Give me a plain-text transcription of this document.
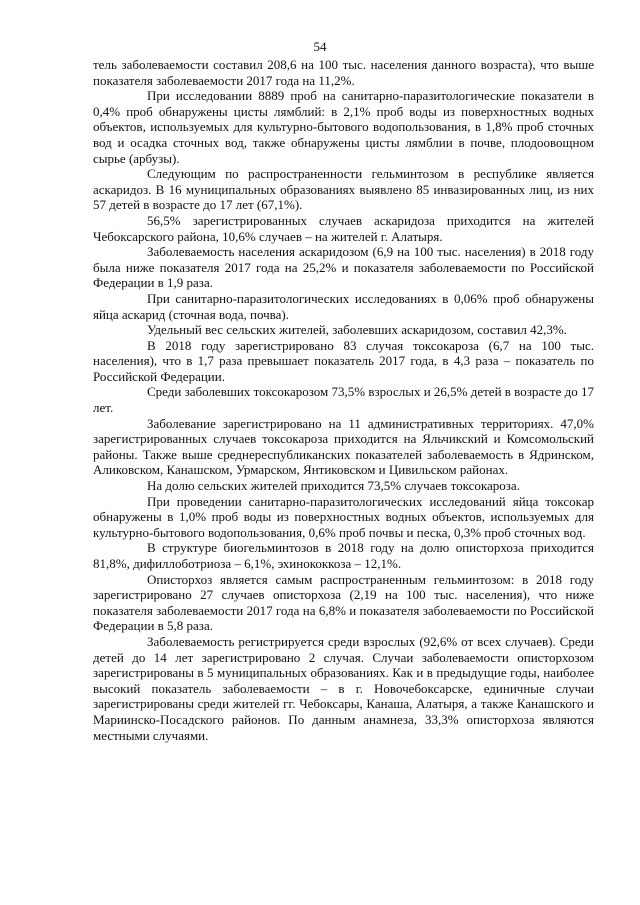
54

тель заболеваемости составил 208,6 на 100 тыс. населения данного возраста), что выше показателя заболеваемости 2017 года на 11,2%.

При исследовании 8889 проб на санитарно-паразитологические показатели в 0,4% проб обнаружены цисты лямблий: в 2,1% проб воды из поверхностных водных объектов, используемых для культурно-бытового водопользования, в 1,8% проб сточных вод и осадка сточных вод, также обнаружены цисты лямблии в почве, плодоовощном сырье (арбузы).

Следующим по распространенности гельминтозом в республике является аскаридоз. В 16 муниципальных образованиях выявлено 85 инвазированных лиц, из них 57 детей в возрасте до 17 лет (67,1%).

56,5% зарегистрированных случаев аскаридоза приходится на жителей Чебоксарского района, 10,6% случаев – на жителей г. Алатыря.

Заболеваемость населения аскаридозом (6,9 на 100 тыс. населения) в 2018 году была ниже показателя 2017 года на 25,2% и показателя заболеваемости по Российской Федерации в 1,9 раза.

При санитарно-паразитологических исследованиях в 0,06% проб обнаружены яйца аскарид (сточная вода, почва).

Удельный вес сельских жителей, заболевших аскаридозом, составил 42,3%.

В 2018 году зарегистрировано 83 случая токсокароза (6,7 на 100 тыс. населения), что в 1,7 раза превышает показатель 2017 года, в 4,3 раза – показатель по Российской Федерации.

Среди заболевших токсокарозом 73,5% взрослых и 26,5% детей в возрасте до 17 лет.

Заболевание зарегистрировано на 11 административных территориях. 47,0% зарегистрированных случаев токсокароза приходится на Яльчикский и Комсомольский районы. Также выше среднереспубликанских показателей заболеваемость в Ядринском, Аликовском, Канашском, Урмарском, Янтиковском и Цивильском районах.

На долю сельских жителей приходится 73,5% случаев токсокароза.

При проведении санитарно-паразитологических исследований яйца токсокар обнаружены в 1,0% проб воды из поверхностных водных объектов, используемых для культурно-бытового водопользования, 0,6% проб почвы и песка, 0,3% проб сточных вод.

В структуре биогельминтозов в 2018 году на долю описторхоза приходится 81,8%, дифиллоботриоза – 6,1%, эхинококкоза – 12,1%.

Описторхоз является самым распространенным гельминтозом: в 2018 году зарегистрировано 27 случаев описторхоза (2,19 на 100 тыс. населения), что ниже показателя заболеваемости 2017 года на 6,8% и показателя заболеваемости по Российской Федерации в 5,8 раза.

Заболеваемость регистрируется среди взрослых (92,6% от всех случаев). Среди детей до 14 лет зарегистрировано 2 случая. Случаи заболеваемости описторхозом зарегистрированы в 5 муниципальных образованиях. Как и в предыдущие годы, наиболее высокий показатель заболеваемости – в г. Новочебоксарске, единичные случаи зарегистрированы среди жителей гг. Чебоксары, Канаша, Алатыря, а также Канашского и Мариинско-Посадского районов. По данным анамнеза, 33,3% описторхоза являются местными случаями.
